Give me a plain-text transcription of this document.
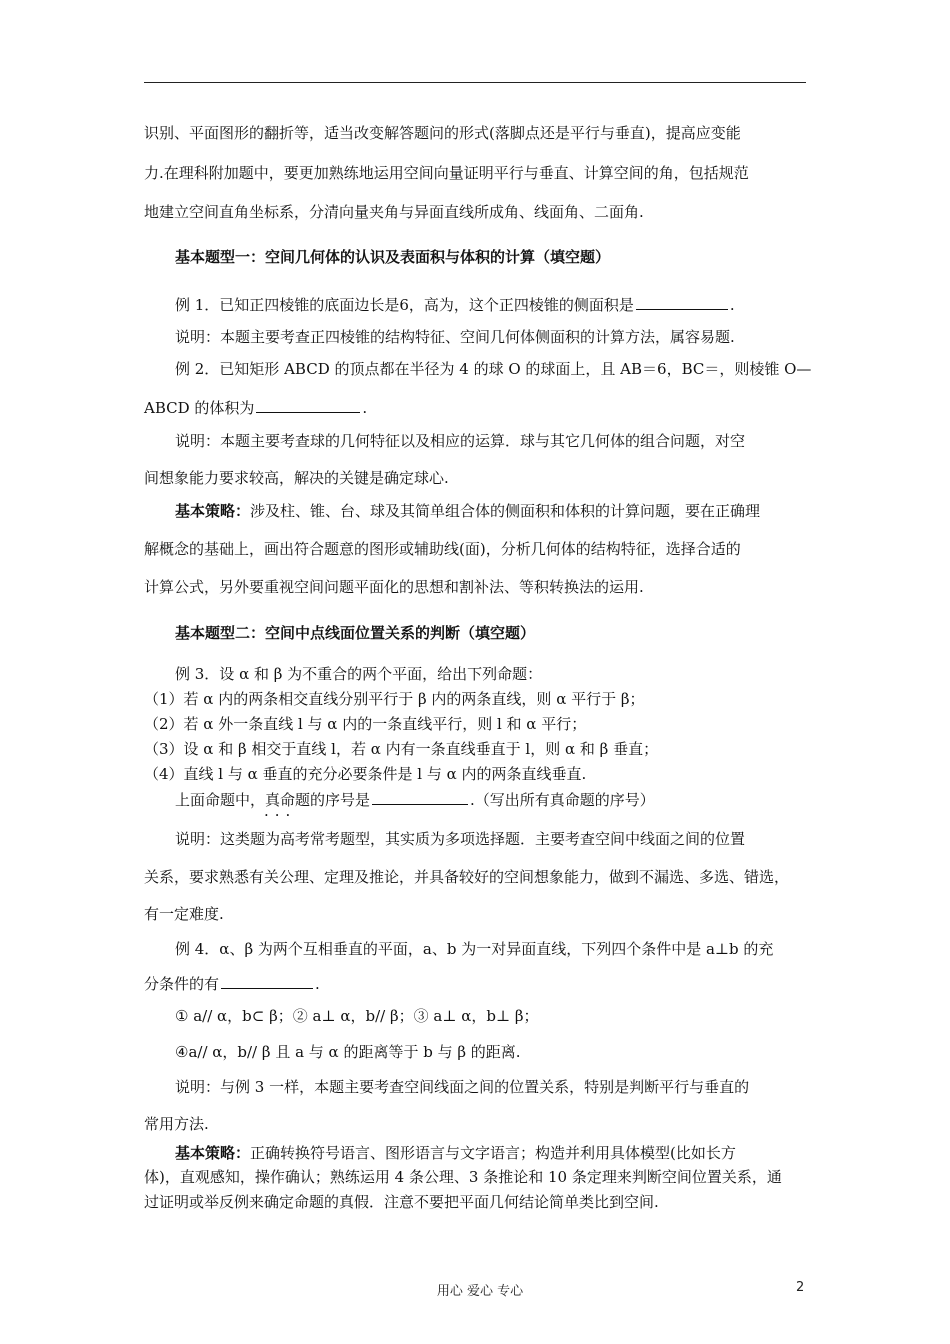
识别、平面图形的翻折等，适当改变解答题问的形式(落脚点还是平行与垂直)，提高应变能
力.在理科附加题中，要更加熟练地运用空间向量证明平行与垂直、计算空间的角，包括规范
地建立空间直角坐标系，分清向量夹角与异面直线所成角、线面角、二面角.
基本题型一：空间几何体的认识及表面积与体积的计算（填空题）
例 1．已知正四棱锥的底面边长是6，高为，这个正四棱锥的侧面积是	.
说明：本题主要考查正四棱锥的结构特征、空间几何体侧面积的计算方法，属容易题.
例 2．已知矩形 ABCD 的顶点都在半径为 4 的球 O 的球面上，且 AB＝6，BC＝，则棱锥 O—
ABCD 的体积为	.
说明：本题主要考查球的几何特征以及相应的运算．球与其它几何体的组合问题，对空
间想象能力要求较高，解决的关键是确定球心.
基本策略：涉及柱、锥、台、球及其简单组合体的侧面积和体积的计算问题，要在正确理
解概念的基础上，画出符合题意的图形或辅助线(面)，分析几何体的结构特征，选择合适的
计算公式，另外要重视空间问题平面化的思想和割补法、等积转换法的运用.
基本题型二：空间中点线面位置关系的判断（填空题）
例 3．设 α 和 β 为不重合的两个平面，给出下列命题：
（1）若 α 内的两条相交直线分别平行于 β 内的两条直线，则 α 平行于 β；
（2）若 α 外一条直线 l 与 α 内的一条直线平行，则 l 和 α 平行；
（3）设 α 和 β 相交于直线 l，若 α 内有一条直线垂直于 l，则 α 和 β 垂直；
（4）直线 l 与 α 垂直的充分必要条件是 l 与 α 内的两条直线垂直.
上面命题中，真命题的序号是	.（写出所有真命题的序号）
···
说明：这类题为高考常考题型，其实质为多项选择题．主要考查空间中线面之间的位置
关系，要求熟悉有关公理、定理及推论，并具备较好的空间想象能力，做到不漏选、多选、错选，
有一定难度.
例 4．α、β 为两个互相垂直的平面，a、b 为一对异面直线，下列四个条件中是 a⊥b 的充
分条件的有	.
① a// α，b⊂ β；② a⊥ α，b// β；③ a⊥ α，b⊥ β；
④a// α，b// β 且 a 与 α 的距离等于 b 与 β 的距离.
说明：与例 3 一样，本题主要考查空间线面之间的位置关系，特别是判断平行与垂直的
常用方法.
基本策略：正确转换符号语言、图形语言与文字语言；构造并利用具体模型(比如长方
体)，直观感知，操作确认；熟练运用 4 条公理、3 条推论和 10 条定理来判断空间位置关系，通
过证明或举反例来确定命题的真假．注意不要把平面几何结论简单类比到空间.
用心 爱心 专心	2
